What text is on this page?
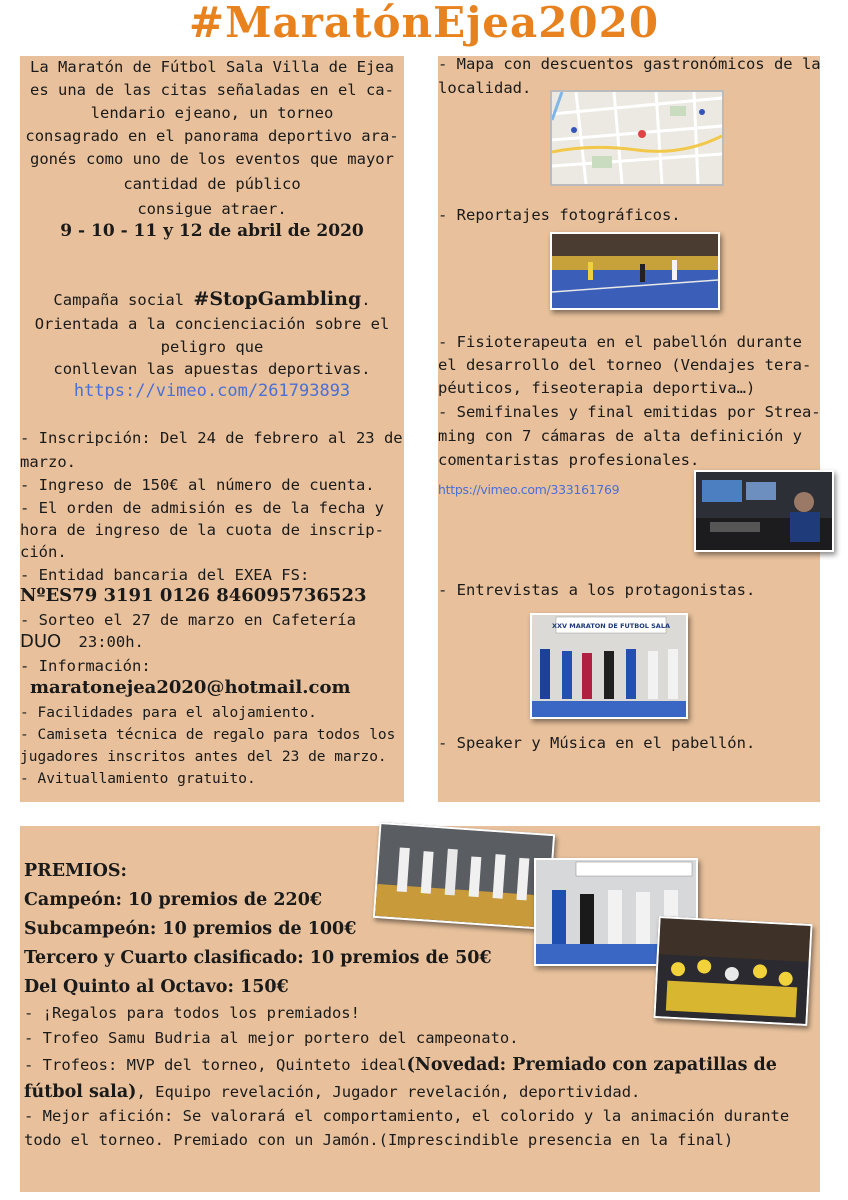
#MaratónEjea2020
La Maratón de Fútbol Sala Villa de Ejea
es una de las citas señaladas en el ca-
lendario ejeano, un torneo
consagrado en el panorama deportivo ara-
gonés como uno de los eventos que mayor
cantidad de público
consigue atraer.
9 - 10 - 11 y 12 de abril de 2020
Campaña social #StopGambling.
Orientada a la concienciación sobre el
peligro que
conllevan las apuestas deportivas.
https://vimeo.com/261793893
- Inscripción: Del 24 de febrero al 23 de
marzo.
- Ingreso de 150€ al número de cuenta.
- El orden de admisión es de la fecha y
hora de ingreso de la cuota de inscrip-
ción.
- Entidad bancaria del EXEA FS:
NºES79 3191 0126 846095736523
- Sorteo el 27 de marzo en Cafetería
DUO 23:00h.
- Información:
maratonejea2020@hotmail.com
- Facilidades para el alojamiento.
- Camiseta técnica de regalo para todos los
jugadores inscritos antes del 23 de marzo.
- Avituallamiento gratuito.
- Mapa con descuentos gastronómicos de la
localidad.
- Reportajes fotográficos.
- Fisioterapeuta en el pabellón durante
el desarrollo del torneo (Vendajes tera-
péuticos, fiseoterapia deportiva…)
- Semifinales y final emitidas por Strea-
ming con 7 cámaras de alta definición y
comentaristas profesionales.
https://vimeo.com/333161769
- Entrevistas a los protagonistas.
XXV MARATON DE FUTBOL SALA
- Speaker y Música en el pabellón.
PREMIOS:
Campeón: 10 premios de 220€
Subcampeón: 10 premios de 100€
Tercero y Cuarto clasificado: 10 premios de 50€
Del Quinto al Octavo: 150€
- ¡Regalos para todos los premiados!
- Trofeo Samu Budria al mejor portero del campeonato.
- Trofeos: MVP del torneo, Quinteto ideal(Novedad: Premiado con zapatillas de
fútbol sala), Equipo revelación, Jugador revelación, deportividad.
- Mejor afición: Se valorará el comportamiento, el colorido y la animación durante
todo el torneo. Premiado con un Jamón.(Imprescindible presencia en la final)
